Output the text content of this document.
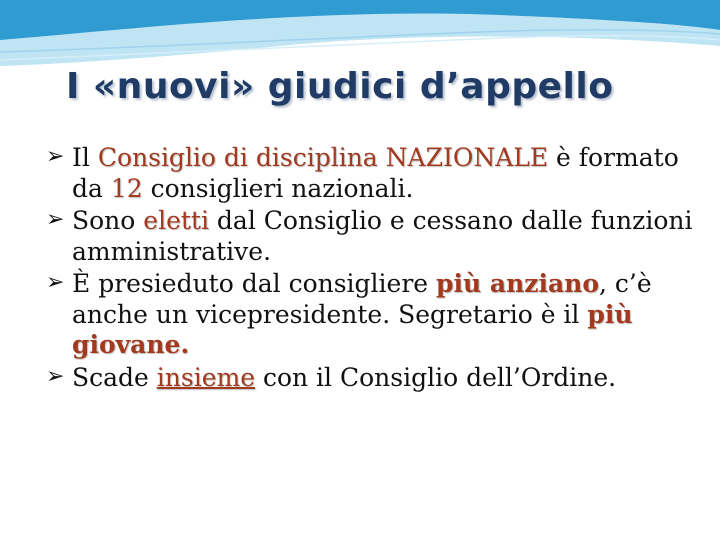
I «nuovi» giudici d’appello
➢ Il Consiglio di disciplina NAZIONALE è formato da 12 consiglieri nazionali.
➢ Sono eletti dal Consiglio e cessano dalle funzioni amministrative.
➢ È presieduto dal consigliere più anziano, c’è anche un vicepresidente. Segretario è il più giovane.
➢ Scade insieme con il Consiglio dell’Ordine.
